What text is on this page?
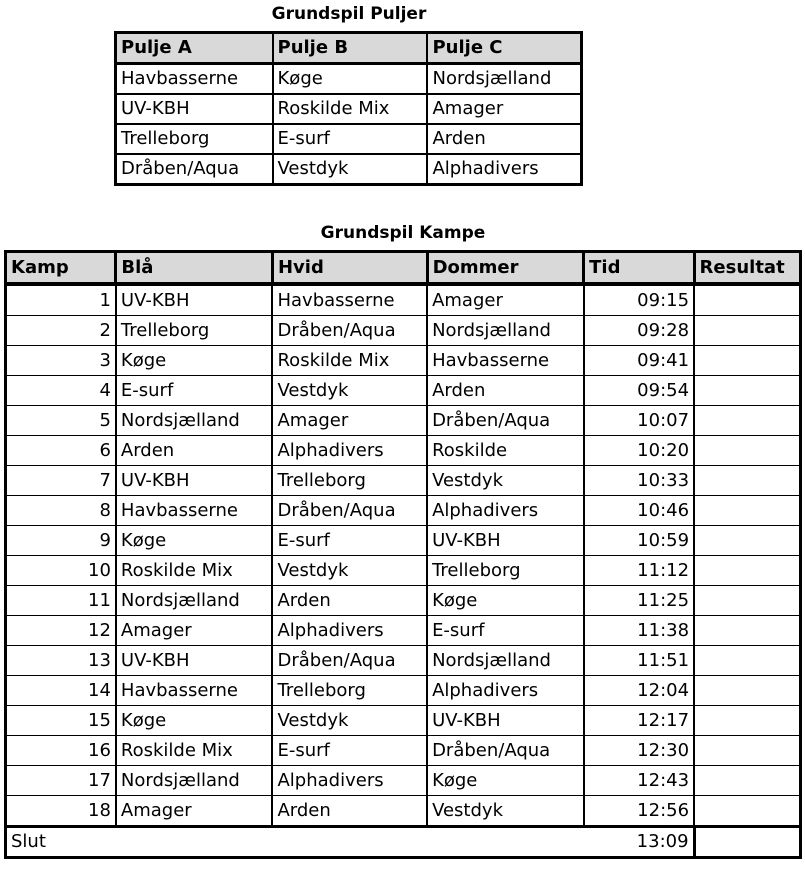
Grundspil Puljer
Pulje A	Pulje B	Pulje C
Havbasserne	Køge	Nordsjælland
UV-KBH	Roskilde Mix	Amager
Trelleborg	E-surf	Arden
Dråben/Aqua	Vestdyk	Alphadivers
Grundspil Kampe
Kamp	Blå	Hvid	Dommer	Tid	Resultat
1	UV-KBH	Havbasserne	Amager	09:15	
2	Trelleborg	Dråben/Aqua	Nordsjælland	09:28	
3	Køge	Roskilde Mix	Havbasserne	09:41	
4	E-surf	Vestdyk	Arden	09:54	
5	Nordsjælland	Amager	Dråben/Aqua	10:07	
6	Arden	Alphadivers	Roskilde	10:20	
7	UV-KBH	Trelleborg	Vestdyk	10:33	
8	Havbasserne	Dråben/Aqua	Alphadivers	10:46	
9	Køge	E-surf	UV-KBH	10:59	
10	Roskilde Mix	Vestdyk	Trelleborg	11:12	
11	Nordsjælland	Arden	Køge	11:25	
12	Amager	Alphadivers	E-surf	11:38	
13	UV-KBH	Dråben/Aqua	Nordsjælland	11:51	
14	Havbasserne	Trelleborg	Alphadivers	12:04	
15	Køge	Vestdyk	UV-KBH	12:17	
16	Roskilde Mix	E-surf	Dråben/Aqua	12:30	
17	Nordsjælland	Alphadivers	Køge	12:43	
18	Amager	Arden	Vestdyk	12:56	
Slut				13:09	
